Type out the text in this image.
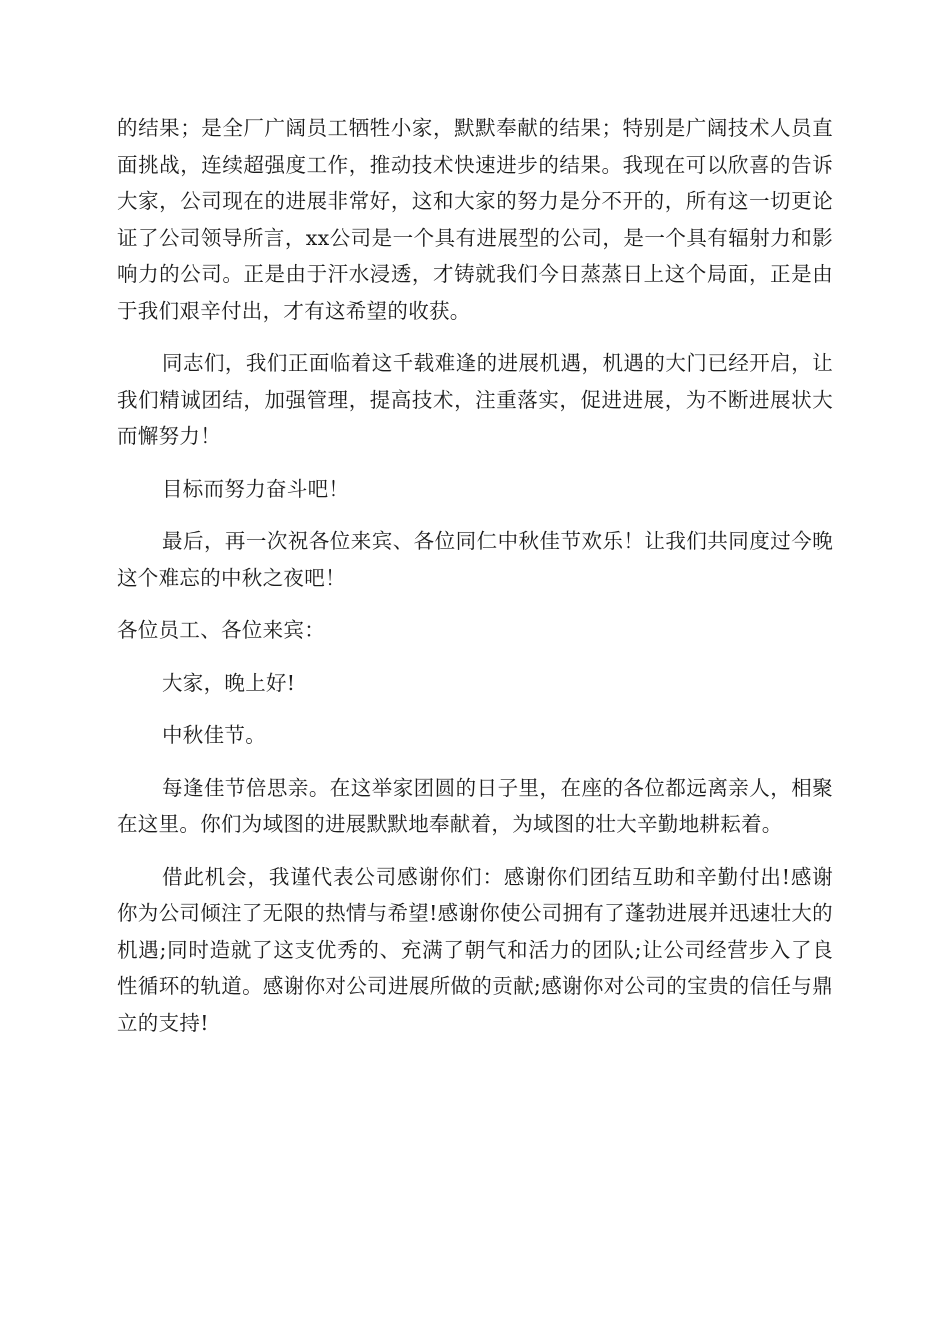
的结果；是全厂广阔员工牺牲小家，默默奉献的结果；特别是广阔技术人员直面挑战，连续超强度工作，推动技术快速进步的结果。我现在可以欣喜的告诉大家，公司现在的进展非常好，这和大家的努力是分不开的，所有这一切更论证了公司领导所言，xx公司是一个具有进展型的公司，是一个具有辐射力和影响力的公司。正是由于汗水浸透，才铸就我们今日蒸蒸日上这个局面，正是由于我们艰辛付出，才有这希望的收获。

同志们，我们正面临着这千载难逢的进展机遇，机遇的大门已经开启，让我们精诚团结，加强管理，提高技术，注重落实，促进进展，为不断进展状大而懈努力！

目标而努力奋斗吧！

最后，再一次祝各位来宾、各位同仁中秋佳节欢乐！让我们共同度过今晚这个难忘的中秋之夜吧！

各位员工、各位来宾：

大家，晚上好!

中秋佳节。

每逢佳节倍思亲。在这举家团圆的日子里，在座的各位都远离亲人，相聚在这里。你们为域图的进展默默地奉献着，为域图的壮大辛勤地耕耘着。

借此机会，我谨代表公司感谢你们：感谢你们团结互助和辛勤付出!感谢你为公司倾注了无限的热情与希望!感谢你使公司拥有了蓬勃进展并迅速壮大的机遇;同时造就了这支优秀的、充满了朝气和活力的团队;让公司经营步入了良性循环的轨道。感谢你对公司进展所做的贡献;感谢你对公司的宝贵的信任与鼎立的支持!
